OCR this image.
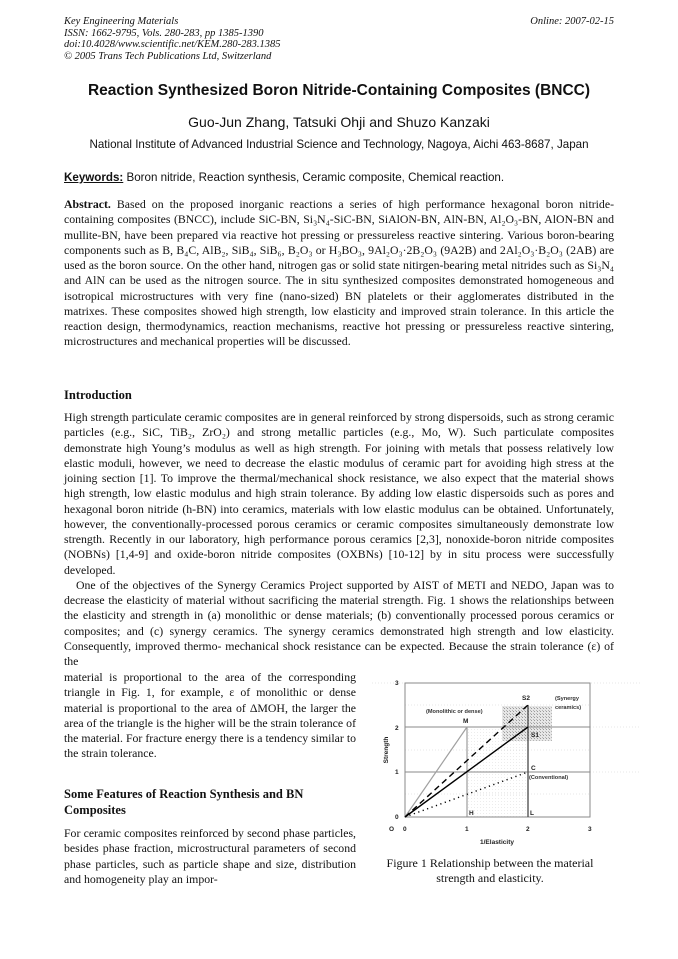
Key Engineering Materials
ISSN: 1662-9795, Vols. 280-283, pp 1385-1390
doi:10.4028/www.scientific.net/KEM.280-283.1385
© 2005 Trans Tech Publications Ltd, Switzerland
Online: 2007-02-15
Reaction Synthesized Boron Nitride-Containing Composites (BNCC)
Guo-Jun Zhang, Tatsuki Ohji and Shuzo Kanzaki
National Institute of Advanced Industrial Science and Technology, Nagoya, Aichi 463-8687, Japan
Keywords: Boron nitride, Reaction synthesis, Ceramic composite, Chemical reaction.

Abstract. Based on the proposed inorganic reactions a series of high performance hexagonal boron nitride-containing composites (BNCC), include SiC-BN, Si₃N₄-SiC-BN, SiAlON-BN, AlN-BN, Al₂O₃-BN, AlON-BN and mullite-BN, have been prepared via reactive hot pressing or pressureless reactive sintering. Various boron-bearing components such as B, B₄C, AlB₂, SiB₄, SiB₆, B₂O₃ or H₃BO₃, 9Al₂O₃·2B₂O₃ (9A2B) and 2Al₂O₃·B₂O₃ (2AB) are used as the boron source. On the other hand, nitrogen gas or solid state nitirgen-bearing metal nitrides such as Si₃N₄ and AlN can be used as the nitrogen source. The in situ synthesized composites demonstrated homogeneous and isotropical microstructures with very fine (nano-sized) BN platelets or their agglomerates distributed in the matrixes. These composites showed high strength, low elasticity and improved strain tolerance. In this article the reaction design, thermodynamics, reaction mechanisms, reactive hot pressing or pressureless reactive sintering, microstructures and mechanical properties will be discussed.

Introduction

High strength particulate ceramic composites are in general reinforced by strong dispersoids, such as strong ceramic particles (e.g., SiC, TiB₂, ZrO₂) and strong metallic particles (e.g., Mo, W). Such particulate composites demonstrate high Young’s modulus as well as high strength. For joining with metals that possess relatively low elastic moduli, however, we need to decrease the elastic modulus of ceramic part for avoiding high stress at the joining section [1]. To improve the thermal/mechanical shock resistance, we also expect that the material shows high strength, low elastic modulus and high strain tolerance. By adding low elastic dispersoids such as pores and hexagonal boron nitride (h-BN) into ceramics, materials with low elastic modulus can be obtained. Unfortunately, however, the conventionally-processed porous ceramics or ceramic composites simultaneously demonstrate low strength. Recently in our laboratory, high performance porous ceramics [2,3], nonoxide-boron nitride composites (NOBNs) [1,4-9] and oxide-boron nitride composites (OXBNs) [10-12] by in situ process were successfully developed.

One of the objectives of the Synergy Ceramics Project supported by AIST of METI and NEDO, Japan was to decrease the elasticity of material without sacrificing the material strength. Fig. 1 shows the relationships between the elasticity and strength in (a) monolithic or dense materials; (b) conventionally processed porous ceramics or composites; and (c) synergy ceramics. The synergy ceramics demonstrated high strength and low elasticity. Consequently, improved thermo- mechanical shock resistance can be expected. Because the strain tolerance (ε) of the

material is proportional to the area of the corresponding triangle in Fig. 1, for example, ε of monolithic or dense material is proportional to the area of ΔMOH, the larger the area of the triangle is the higher will be the strain tolerance of the material. For fracture energy there is a tendency similar to the strain tolerance.
Some Features of Reaction Synthesis and BN Composites
For ceramic composites reinforced by second phase particles, besides phase fraction, microstructural parameters of second phase particles, such as particle shape and size, distribution and homogeneity play an impor-
3
2
1
0
O 0	1	2	3
1/Elasticity
Strength
M
S2
S1
C
H	L
(Monolithic or dense)
(Synergy
ceramics)
(Conventional)
Figure 1 Relationship between the material strength and elasticity.
